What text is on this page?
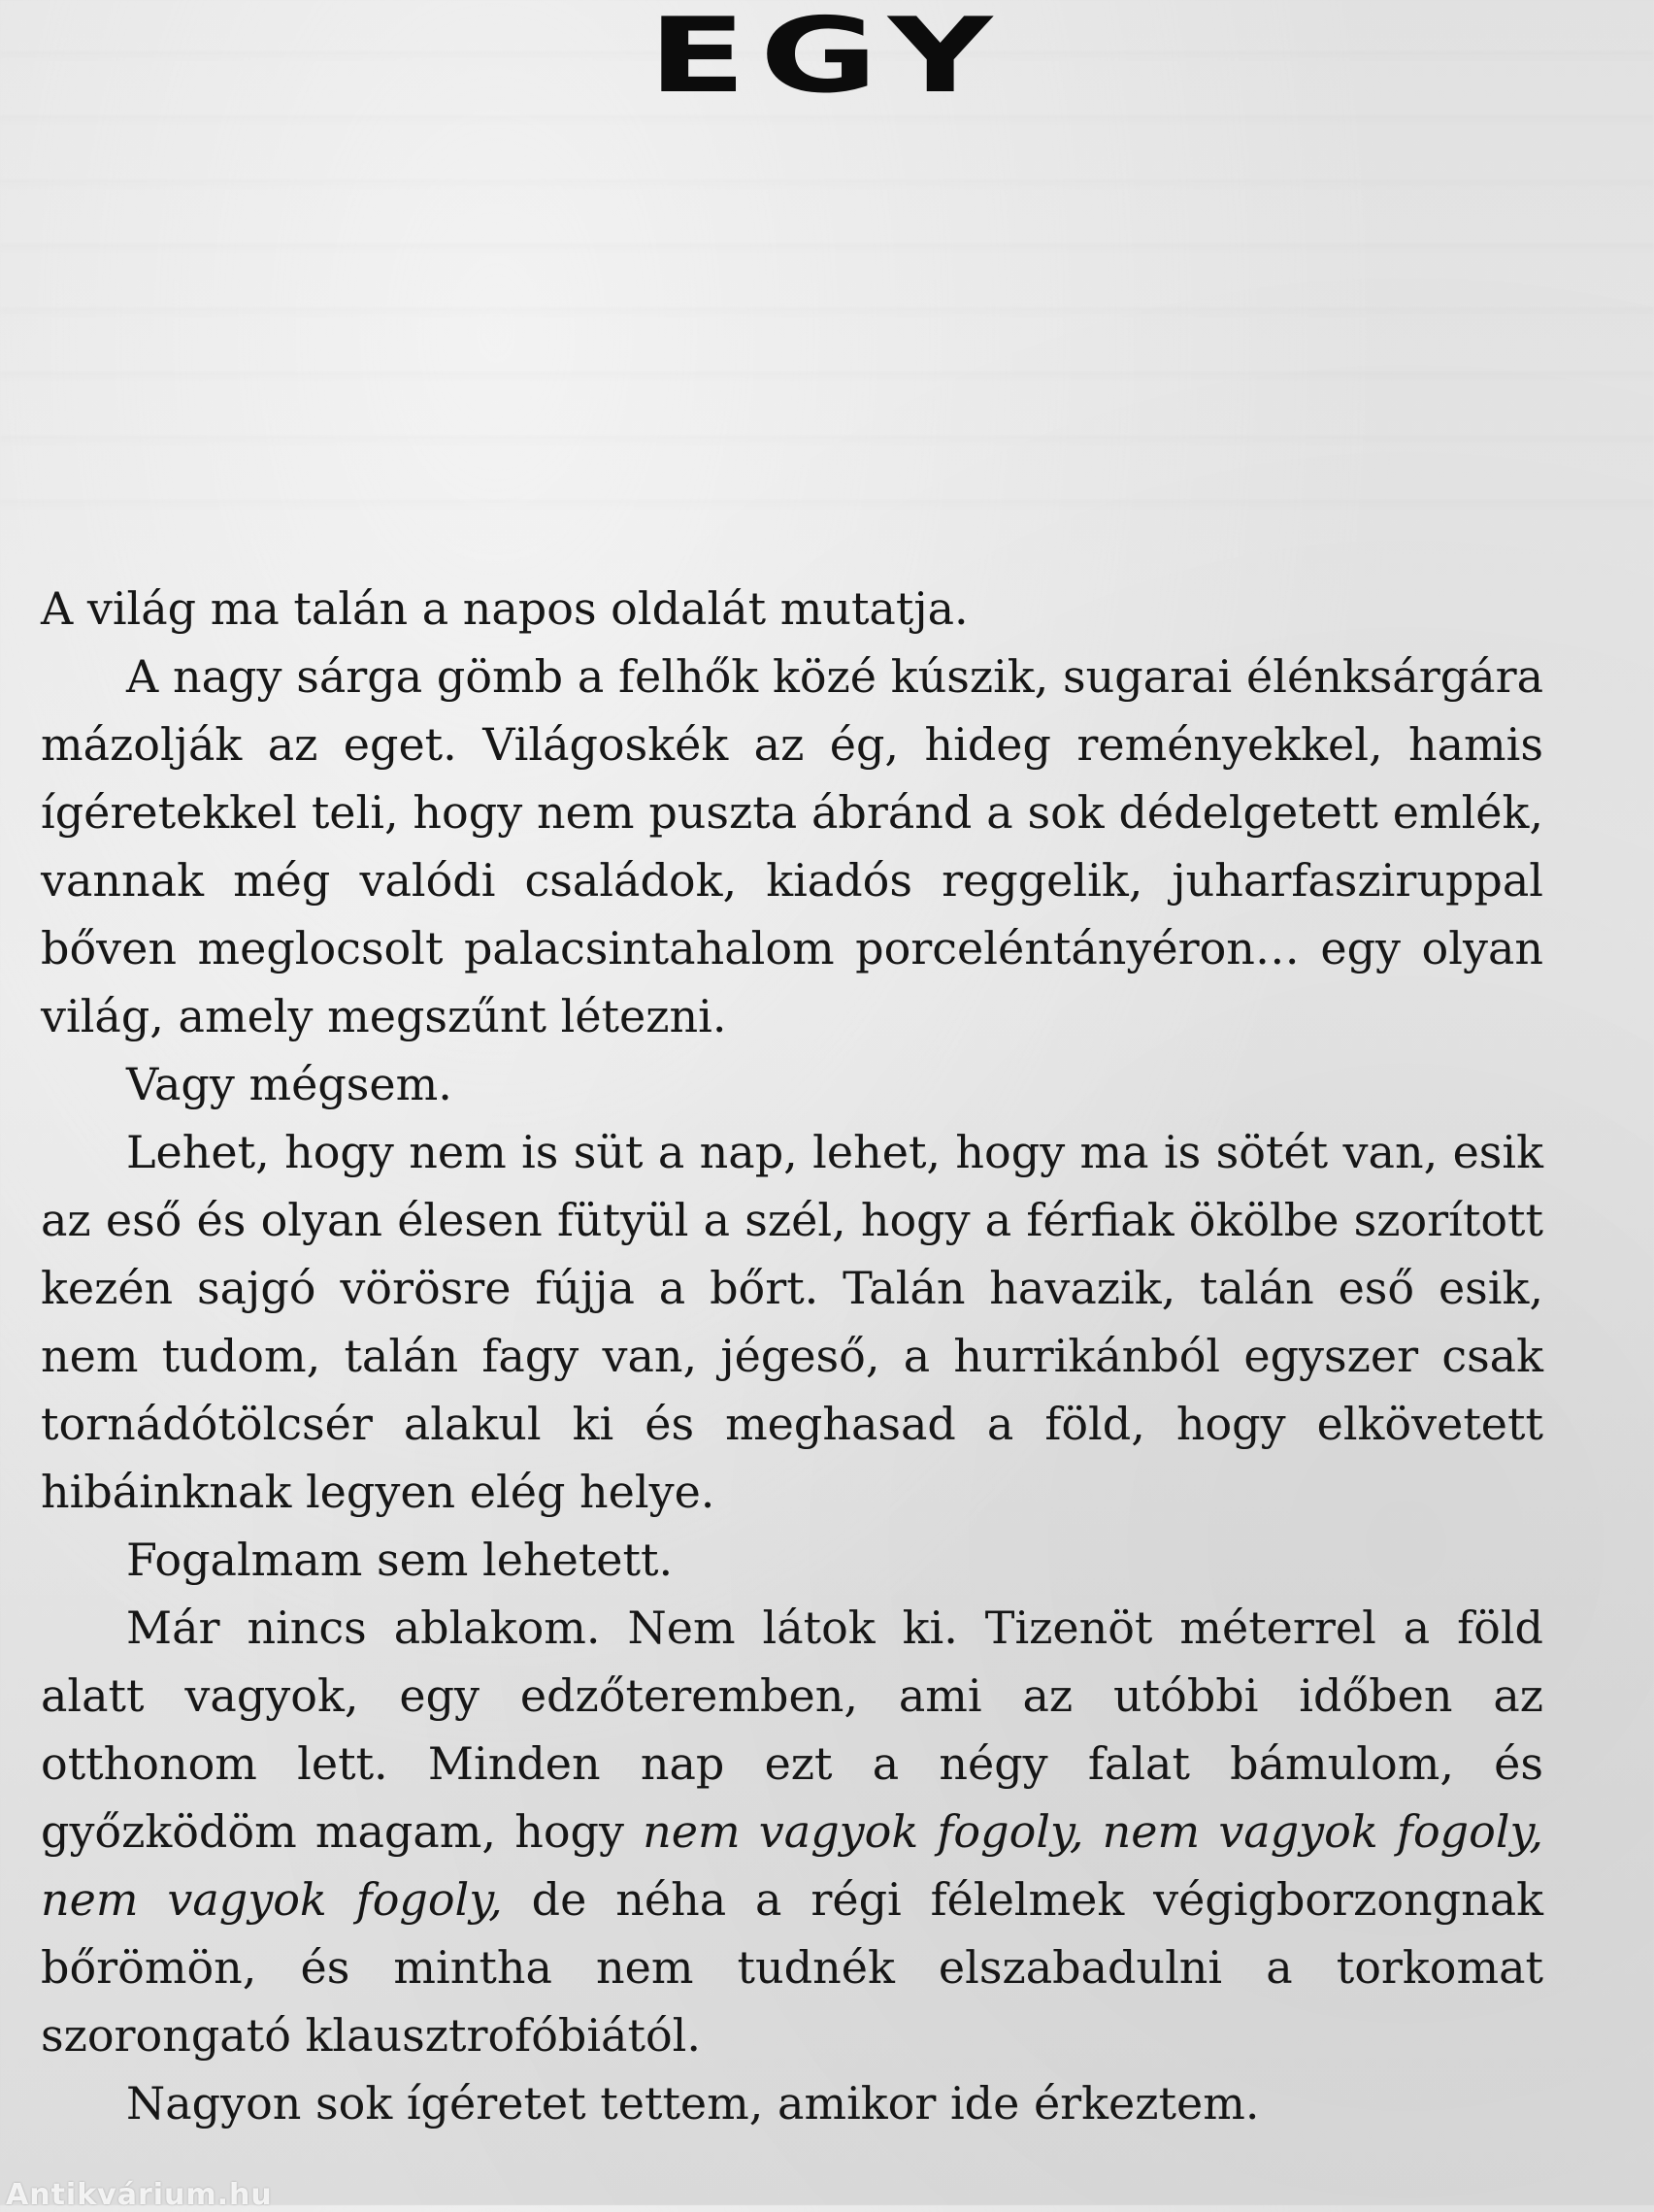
EGY

A világ ma talán a napos oldalát mutatja.

A nagy sárga gömb a felhők közé kúszik, sugarai élénksárgára mázolják az eget. Világoskék az ég, hideg reményekkel, hamis ígéretekkel teli, hogy nem puszta ábránd a sok dédelgetett emlék, vannak még valódi családok, kiadós reggelik, juharfasziruppal bőven meglocsolt palacsintahalom porceléntányéron… egy olyan világ, amely megszűnt létezni.

Vagy mégsem.

Lehet, hogy nem is süt a nap, lehet, hogy ma is sötét van, esik az eső és olyan élesen fütyül a szél, hogy a férfiak ökölbe szorított kezén sajgó vörösre fújja a bőrt. Talán havazik, talán eső esik, nem tudom, talán fagy van, jégeső, a hurrikánból egyszer csak tornádótölcsér alakul ki és meghasad a föld, hogy elkövetett hibáinknak legyen elég helye.

Fogalmam sem lehetett.

Már nincs ablakom. Nem látok ki. Tizenöt méterrel a föld alatt vagyok, egy edzőteremben, ami az utóbbi időben az otthonom lett. Minden nap ezt a négy falat bámulom, és győzködöm magam, hogy nem vagyok fogoly, nem vagyok fogoly, nem vagyok fogoly, de néha a régi félelmek végigborzongnak bőrömön, és mintha nem tudnék elszabadulni a torkomat szorongató klausztrofóbiától.

Nagyon sok ígéretet tettem, amikor ide érkeztem.

Antikvárium.hu
